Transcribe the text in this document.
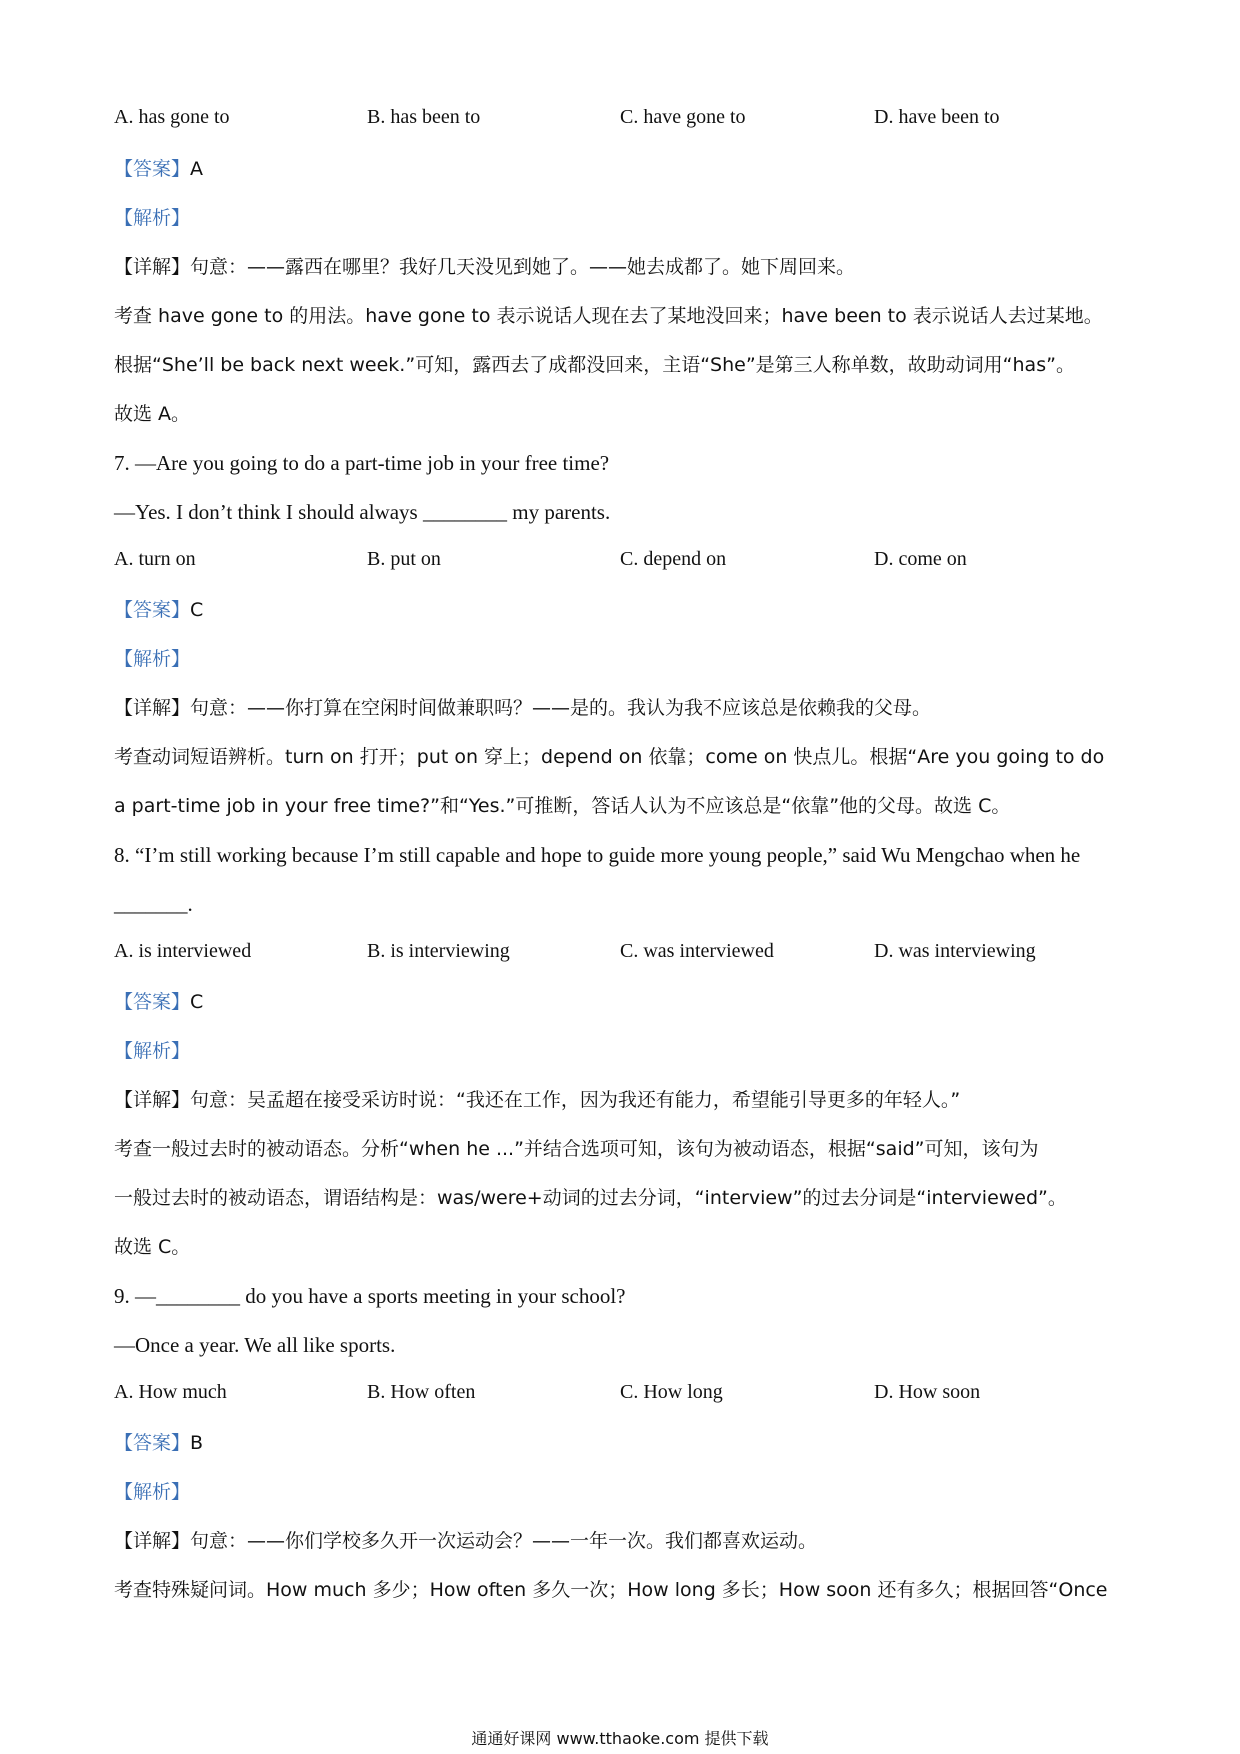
A. has gone to	B. has been to	C. have gone to	D. have been to
【答案】A
【解析】
【详解】句意：——露西在哪里？我好几天没见到她了。——她去成都了。她下周回来。
考查 have gone to 的用法。have gone to 表示说话人现在去了某地没回来；have been to 表示说话人去过某地。
根据“She’ll be back next week.”可知，露西去了成都没回来，主语“She”是第三人称单数，故助动词用“has”。
故选 A。
7. —Are you going to do a part-time job in your free time?
—Yes. I don’t think I should always ________ my parents.
A. turn on	B. put on	C. depend on	D. come on
【答案】C
【解析】
【详解】句意：——你打算在空闲时间做兼职吗？——是的。我认为我不应该总是依赖我的父母。
考查动词短语辨析。turn on 打开；put on 穿上；depend on 依靠；come on 快点儿。根据“Are you going to do
a part-time job in your free time?”和“Yes.”可推断，答话人认为不应该总是“依靠”他的父母。故选 C。
8. “I’m still working because I’m still capable and hope to guide more young people,” said Wu Mengchao when he
_______.
A. is interviewed	B. is interviewing	C. was interviewed	D. was interviewing
【答案】C
【解析】
【详解】句意：吴孟超在接受采访时说：“我还在工作，因为我还有能力，希望能引导更多的年轻人。”
考查一般过去时的被动语态。分析“when he ...”并结合选项可知，该句为被动语态，根据“said”可知，该句为
一般过去时的被动语态，谓语结构是：was/were+动词的过去分词，“interview”的过去分词是“interviewed”。
故选 C。
9. —________ do you have a sports meeting in your school?
—Once a year. We all like sports.
A. How much	B. How often	C. How long	D. How soon
【答案】B
【解析】
【详解】句意：——你们学校多久开一次运动会？——一年一次。我们都喜欢运动。
考查特殊疑问词。How much 多少；How often 多久一次；How long 多长；How soon 还有多久；根据回答“Once
通通好课网 www.tthaoke.com 提供下载
